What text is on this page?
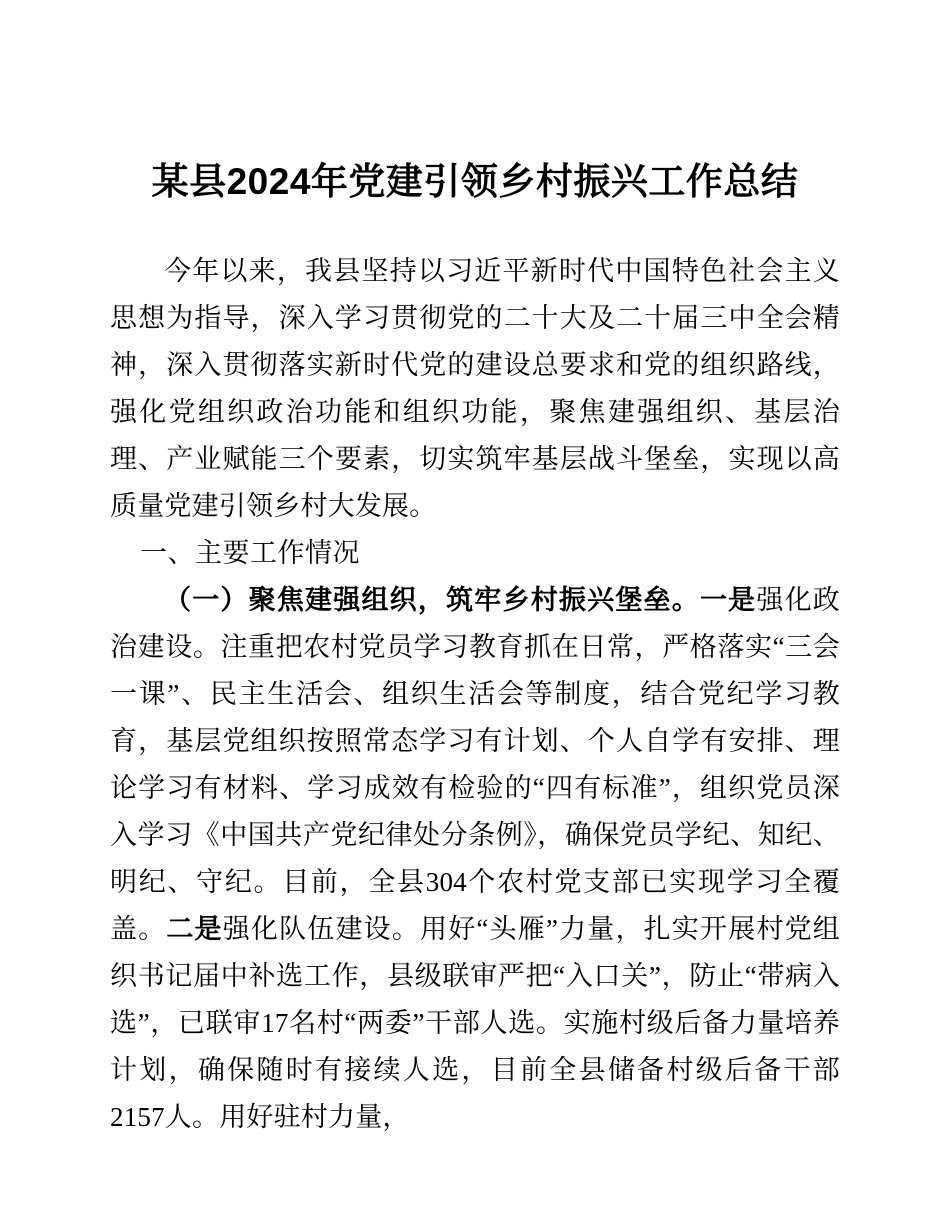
某县2024年党建引领乡村振兴工作总结

今年以来，我县坚持以习近平新时代中国特色社会主义思想为指导，深入学习贯彻党的二十大及二十届三中全会精神，深入贯彻落实新时代党的建设总要求和党的组织路线，强化党组织政治功能和组织功能，聚焦建强组织、基层治理、产业赋能三个要素，切实筑牢基层战斗堡垒，实现以高质量党建引领乡村大发展。

一、主要工作情况

（一）聚焦建强组织，筑牢乡村振兴堡垒。一是强化政治建设。注重把农村党员学习教育抓在日常，严格落实“三会一课”、民主生活会、组织生活会等制度，结合党纪学习教育，基层党组织按照常态学习有计划、个人自学有安排、理论学习有材料、学习成效有检验的“四有标准”，组织党员深入学习《中国共产党纪律处分条例》，确保党员学纪、知纪、明纪、守纪。目前，全县304个农村党支部已实现学习全覆盖。二是强化队伍建设。用好“头雁”力量，扎实开展村党组织书记届中补选工作，县级联审严把“入口关”，防止“带病入选”，已联审17名村“两委”干部人选。实施村级后备力量培养计划，确保随时有接续人选，目前全县储备村级后备干部2157人。用好驻村力量，
